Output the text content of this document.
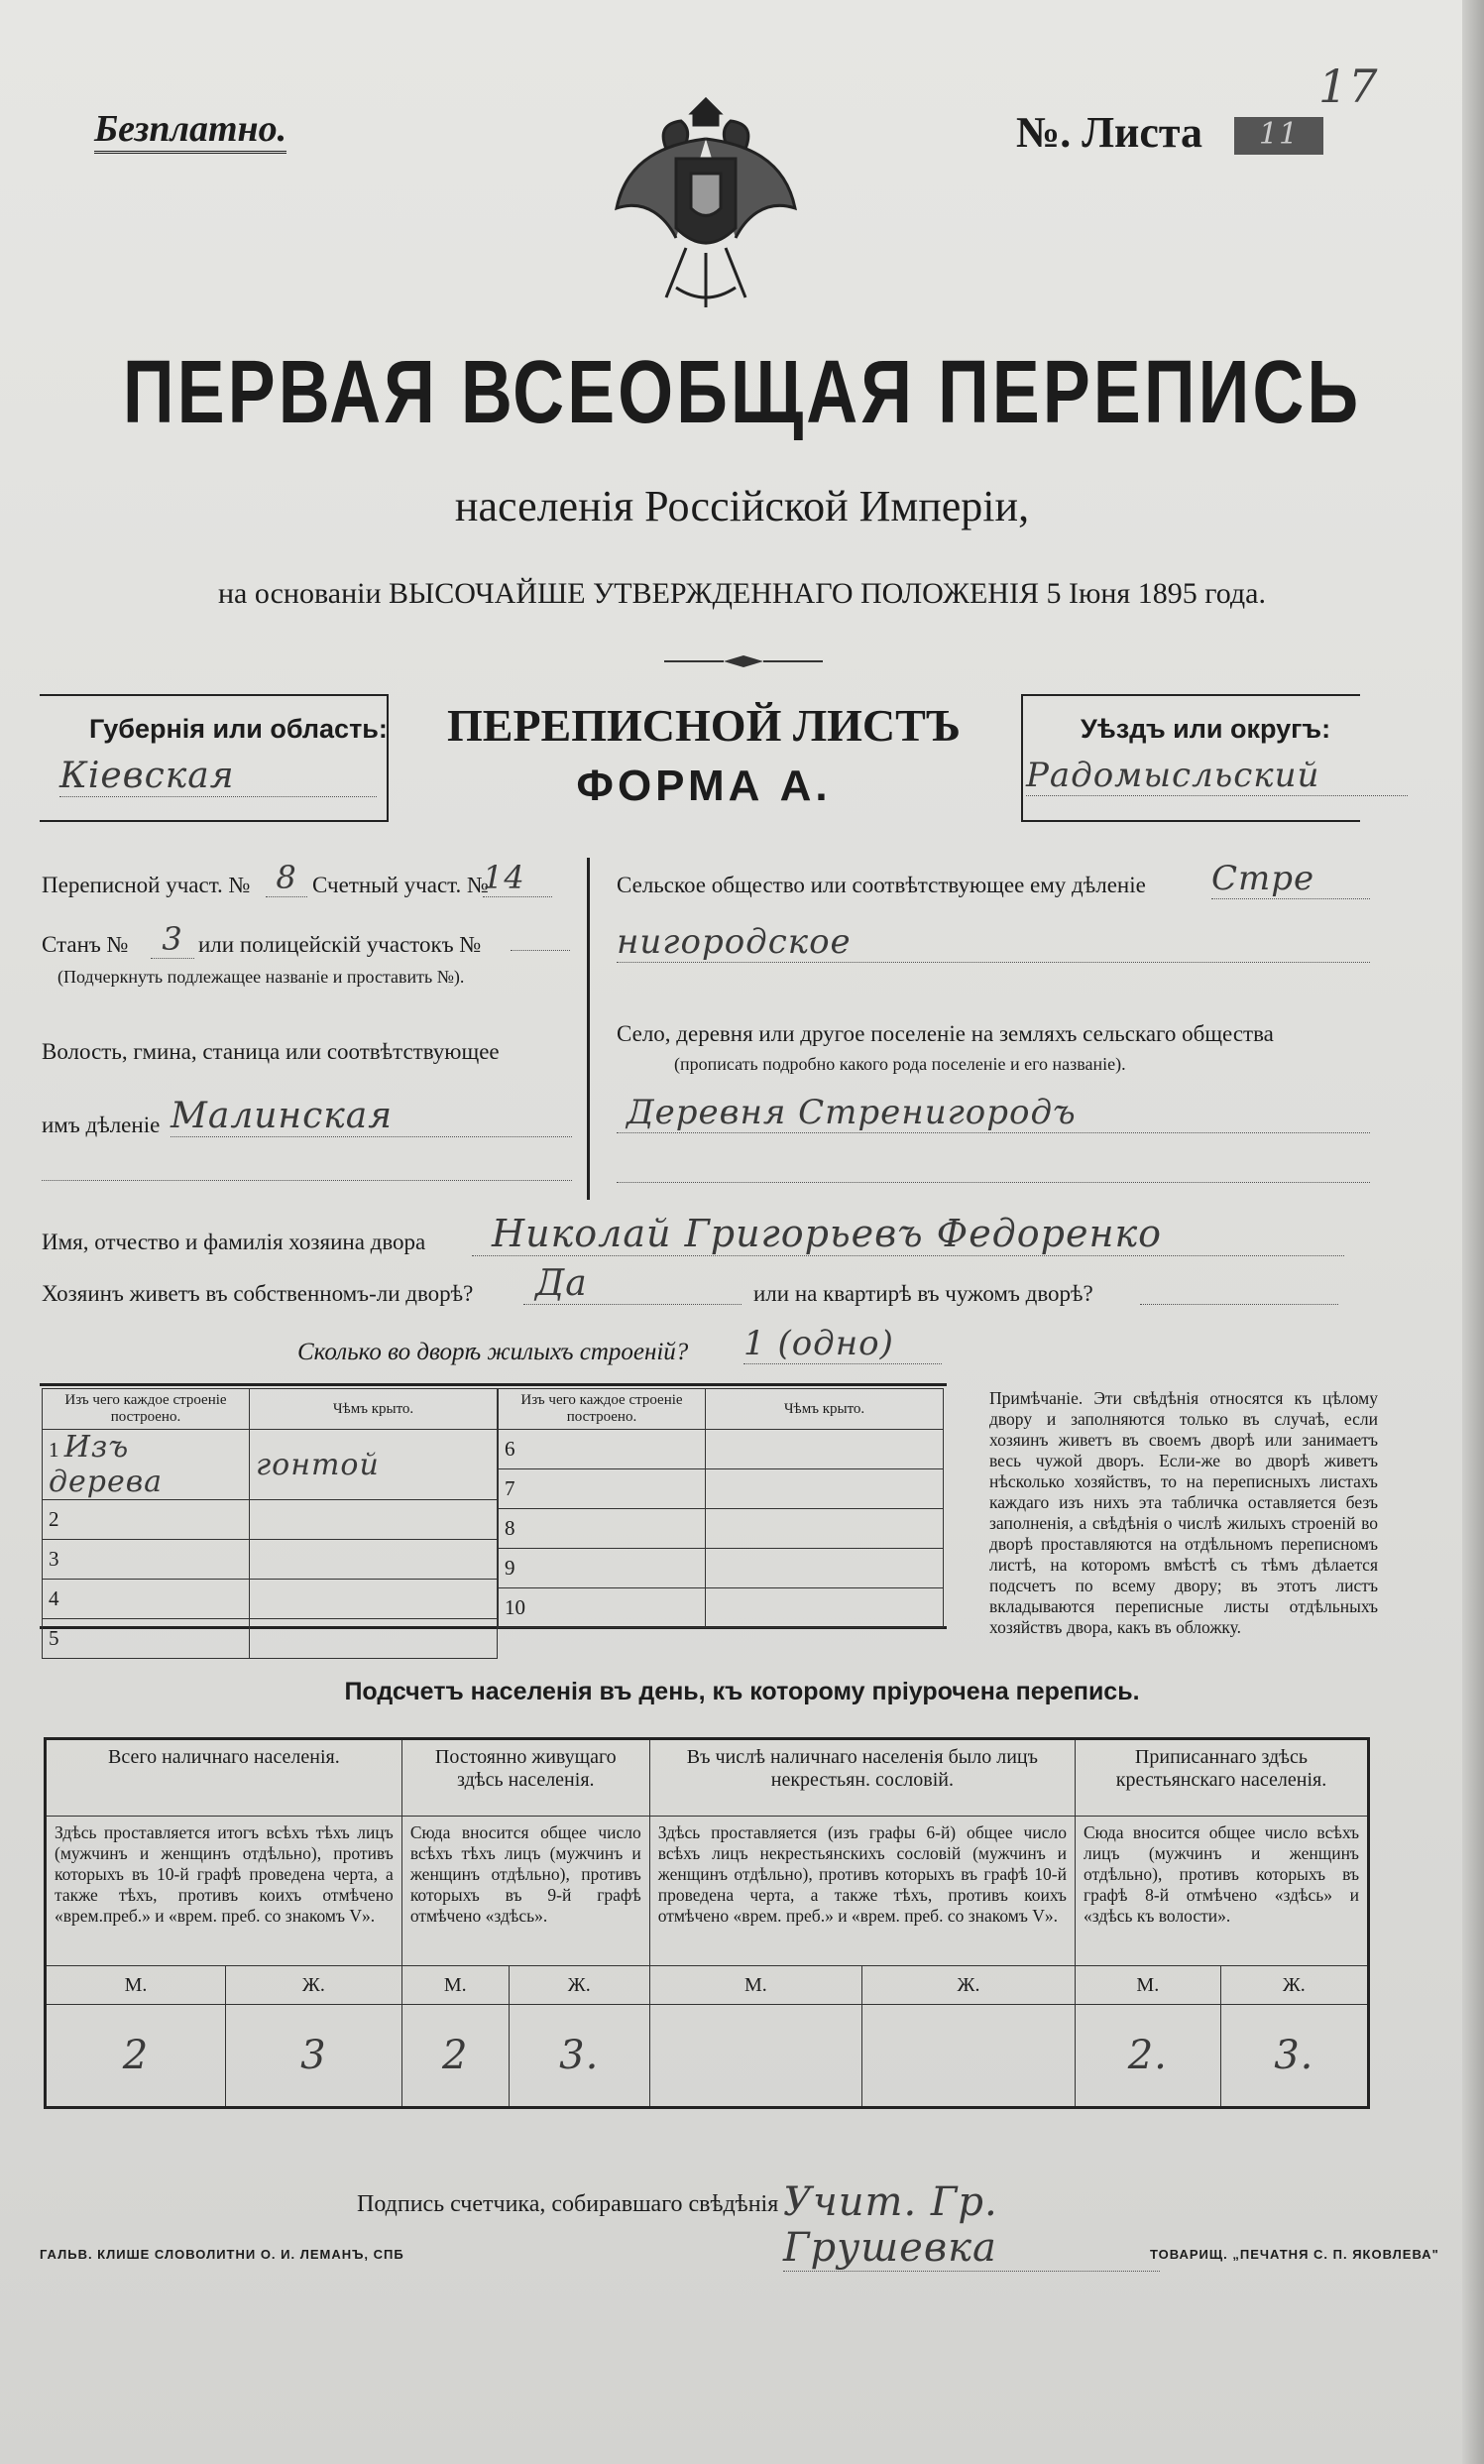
Безплатно.	№. Листа	11
17
ПЕРВАЯ ВСЕОБЩАЯ ПЕРЕПИСЬ
населенія Россійской Имперіи,
на основаніи ВЫСОЧАЙШЕ УТВЕРЖДЕННАГО ПОЛОЖЕНІЯ 5 Іюня 1895 года.
Губернія или область:
Кіевская
Уѣздъ или округъ:
Радомысльский
ПЕРЕПИСНОЙ ЛИСТЪ
ФОРМА А.
Переписной участ. № 8 Счетный участ. №
14
Станъ №	3 или полицейскій участокъ №
(Подчеркнуть подлежащее названіе и проставить №).
Волость, гмина, станица или соотвѣтствующее
имъ дѣленіе Малинская
Сельское общество или соотвѣтствующее ему дѣленіе Стре
нигородское
Село, деревня или другое поселеніе на земляхъ сельскаго общества
(прописать подробно какого рода поселеніе и его названіе).
Деревня Стренигородъ
Имя, отчество и фамилія хозяина двора	Николай Григорьевъ Федоренко
Хозяинъ живетъ въ собственномъ-ли дворѣ?	Да	или на квартирѣ въ чужомъ дворѣ?
Сколько во дворѣ жилыхъ строеній? 1 (одно)
Изъ чего каждое строеніе построено.	Чѣмъ крыто.
1 Изъ дерева	гонтой
2	
3	
4	
5	
Изъ чего каждое строеніе построено.	Чѣмъ крыто.
6	
7	
8	
9	
10	
Примѣчаніе. Эти свѣдѣнія относятся къ цѣлому двору и заполняются только въ случаѣ, если хозяинъ живетъ въ своемъ дворѣ или занимаетъ весь чужой дворъ. Если-же во дворѣ живетъ нѣсколько хозяйствъ, то на переписныхъ листахъ каждаго изъ нихъ эта табличка оставляется безъ заполненія, а свѣдѣнія о числѣ жилыхъ строеній во дворѣ проставляются на отдѣльномъ переписномъ листѣ, на которомъ вмѣстѣ съ тѣмъ дѣлается подсчетъ по всему двору; въ этотъ листъ вкладываются переписные листы отдѣльныхъ хозяйствъ двора, какъ въ обложку.
Подсчетъ населенія въ день, къ которому пріурочена перепись.
Всего наличнаго населенія.		Постоянно живущаго здѣсь населенія.		Въ числѣ наличнаго населенія было лицъ некрестьян. сословій.		Приписаннаго здѣсь крестьянскаго населенія.	
Здѣсь проставляется итогъ всѣхъ тѣхъ лицъ (мужчинъ и женщинъ отдѣльно), противъ которыхъ въ 10-й графѣ проведена черта, а также тѣхъ, противъ коихъ отмѣчено «врем.преб.» и «врем. преб. со знакомъ V».		Сюда вносится общее число всѣхъ тѣхъ лицъ (мужчинъ и женщинъ отдѣльно), противъ которыхъ въ 9-й графѣ отмѣчено «здѣсь».		Здѣсь проставляется (изъ графы 6-й) общее число всѣхъ лицъ некрестьянскихъ сословій (мужчинъ и женщинъ отдѣльно), противъ которыхъ въ графѣ 10-й проведена черта, а также тѣхъ, противъ коихъ отмѣчено «врем. преб.» и «врем. преб. со знакомъ V».		Сюда вносится общее число всѣхъ лицъ (мужчинъ и женщинъ отдѣльно), противъ которыхъ въ графѣ 8-й отмѣчено «здѣсь» и «здѣсь къ волости».	
М.	Ж.	М.	Ж.	М.	Ж.	М.	Ж.
2	3	2	3.			2.	3.
Подпись счетчика, собиравшаго свѣдѣнія Учит. Гр. Грушевка
ГАЛЬВ. КЛИШЕ СЛОВОЛИТНИ О. И. ЛЕМАНЪ, СПБ	ТОВАРИЩ. „ПЕЧАТНЯ С. П. ЯКОВЛЕВА"
